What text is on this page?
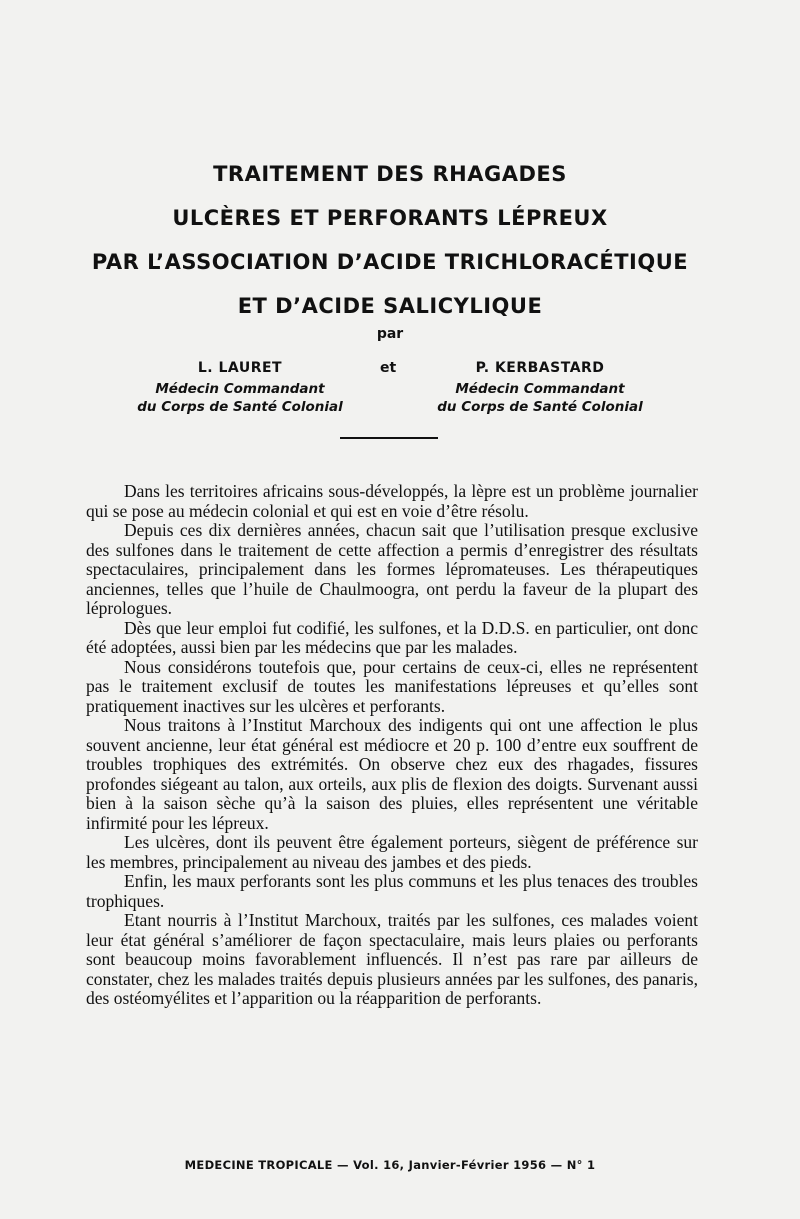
TRAITEMENT DES RHAGADES
ULCÈRES ET PERFORANTS LÉPREUX
PAR L’ASSOCIATION D’ACIDE TRICHLORACÉTIQUE
ET D’ACIDE SALICYLIQUE
par
L. LAURET
Médecin Commandant
du Corps de Santé Colonial
et	P. KERBASTARD
Médecin Commandant
du Corps de Santé Colonial

Dans les territoires africains sous-développés, la lèpre est un problème journalier qui se pose au médecin colonial et qui est en voie d’être résolu.

Depuis ces dix dernières années, chacun sait que l’utilisation presque exclusive des sulfones dans le traitement de cette affection a permis d’enregistrer des résultats spectaculaires, principalement dans les formes lépromateuses. Les thérapeutiques anciennes, telles que l’huile de Chaulmoogra, ont perdu la faveur de la plupart des léprologues.

Dès que leur emploi fut codifié, les sulfones, et la D.D.S. en particulier, ont donc été adoptées, aussi bien par les médecins que par les malades.

Nous considérons toutefois que, pour certains de ceux-ci, elles ne représentent pas le traitement exclusif de toutes les manifestations lépreuses et qu’elles sont pratiquement inactives sur les ulcères et perforants.

Nous traitons à l’Institut Marchoux des indigents qui ont une affection le plus souvent ancienne, leur état général est médiocre et 20 p. 100 d’entre eux souffrent de troubles trophiques des extrémités. On observe chez eux des rhagades, fissures profondes siégeant au talon, aux orteils, aux plis de flexion des doigts. Survenant aussi bien à la saison sèche qu’à la saison des pluies, elles représentent une véritable infirmité pour les lépreux.

Les ulcères, dont ils peuvent être également porteurs, siègent de préférence sur les membres, principalement au niveau des jambes et des pieds.

Enfin, les maux perforants sont les plus communs et les plus tenaces des troubles trophiques.

Etant nourris à l’Institut Marchoux, traités par les sulfones, ces malades voient leur état général s’améliorer de façon spectaculaire, mais leurs plaies ou perforants sont beaucoup moins favorablement influencés. Il n’est pas rare par ailleurs de constater, chez les malades traités depuis plusieurs années par les sulfones, des panaris, des ostéomyélites et l’apparition ou la réapparition de perforants.

MEDECINE TROPICALE — Vol. 16, Janvier-Février 1956 — N° 1
